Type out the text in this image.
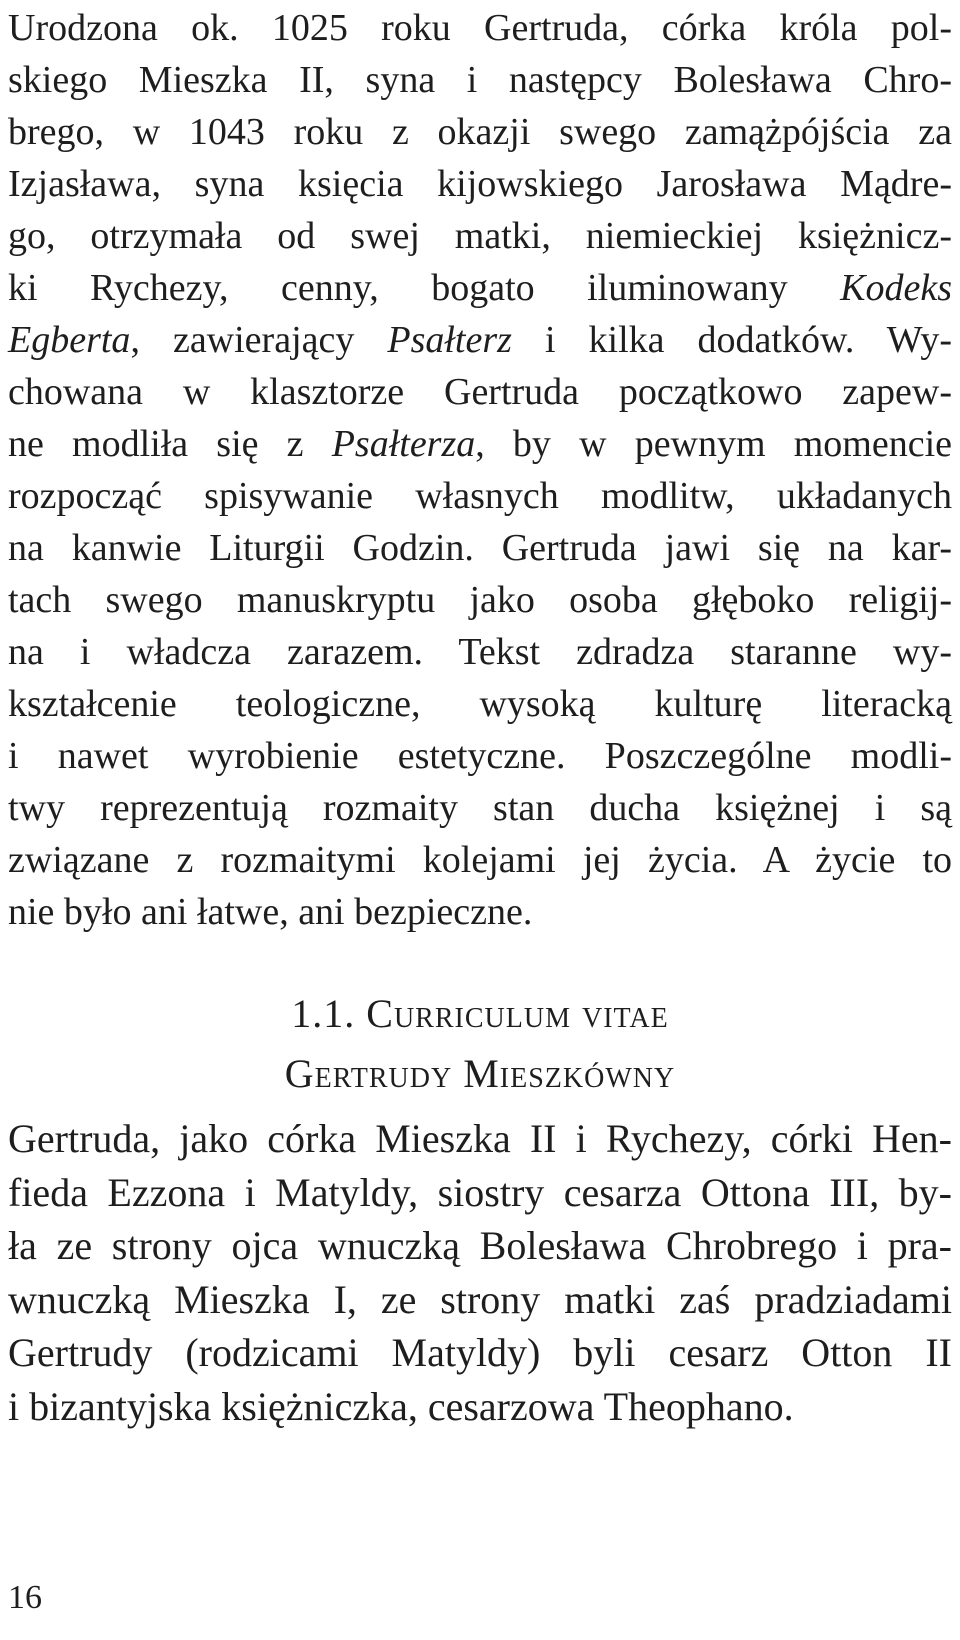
Urodzona ok. 1025 roku Gertruda, córka króla pol-
skiego Mieszka II, syna i następcy Bolesława Chro-
brego, w 1043 roku z okazji swego zamążpójścia za
Izjasława, syna księcia kijowskiego Jarosława Mądre-
go, otrzymała od swej matki, niemieckiej księżnicz-
ki Rychezy, cenny, bogato iluminowany Kodeks
Egberta, zawierający Psałterz i kilka dodatków. Wy-
chowana w klasztorze Gertruda początkowo zapew-
ne modliła się z Psałterza, by w pewnym momencie
rozpocząć spisywanie własnych modlitw, układanych
na kanwie Liturgii Godzin. Gertruda jawi się na kar-
tach swego manuskryptu jako osoba głęboko religij-
na i władcza zarazem. Tekst zdradza staranne wy-
kształcenie teologiczne, wysoką kulturę literacką
i nawet wyrobienie estetyczne. Poszczególne modli-
twy reprezentują rozmaity stan ducha księżnej i są
związane z rozmaitymi kolejami jej życia. A życie to
nie było ani łatwe, ani bezpieczne.

1.1. Curriculum vitae
Gertrudy Mieszkówny

Gertruda, jako córka Mieszka II i Rychezy, córki Hen-
fieda Ezzona i Matyldy, siostry cesarza Ottona III, by-
ła ze strony ojca wnuczką Bolesława Chrobrego i pra-
wnuczką Mieszka I, ze strony matki zaś pradziadami
Gertrudy (rodzicami Matyldy) byli cesarz Otton II
i bizantyjska księżniczka, cesarzowa Theophano.

16
